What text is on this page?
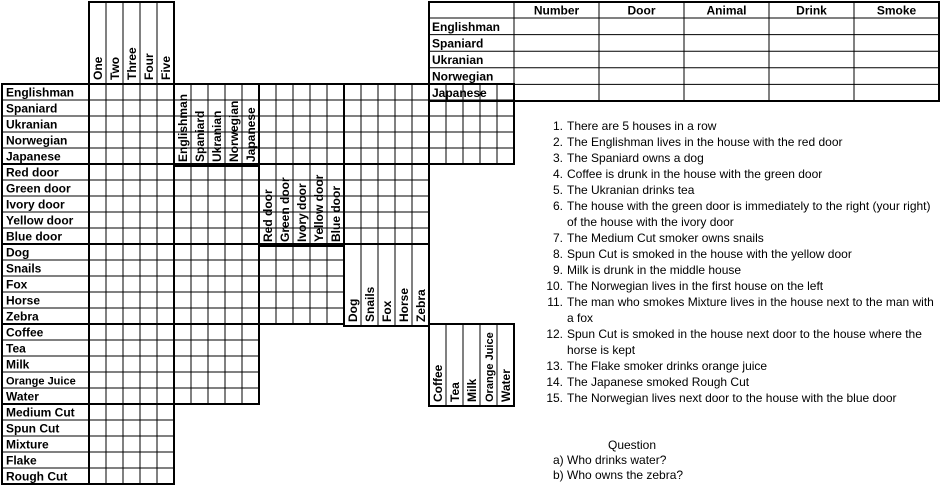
Englishman
Spaniard
Ukranian
Norwegian
Japanese
Red door
Green door
Ivory door
Yellow door
Blue door
Dog
Snails
Fox
Horse
Zebra
Coffee
Tea
Milk
Orange Juice
Water
Medium Cut
Spun Cut
Mixture
Flake
Rough Cut
One Two Three Four Five
Englishman Spaniard Ukranian Norwegian Japanese
Red door Green door Ivory door Yellow door Blue door
Dog Snails Fox Horse Zebra
Coffee Tea Milk Orange Juice Water
Number	Door	Animal	Drink	Smoke
Englishman
Spaniard
Ukranian
Norwegian
Japanese
1. There are 5 houses in a row
2. The Englishman lives in the house with the red door
3. The Spaniard owns a dog
4. Coffee is drunk in the house with the green door
5. The Ukranian drinks tea
6. The house with the green door is immediately to the right (your right) of the house with the ivory door
7. The Medium Cut smoker owns snails
8. Spun Cut is smoked in the house with the yellow door
9. Milk is drunk in the middle house
10. The Norwegian lives in the first house on the left
11. The man who smokes Mixture lives in the house next to the man with a fox
12. Spun Cut is smoked in the house next door to the house where the horse is kept
13. The Flake smoker drinks orange juice
14. The Japanese smoked Rough Cut
15. The Norwegian lives next door to the house with the blue door
Question
a) Who drinks water?
b) Who owns the zebra?
